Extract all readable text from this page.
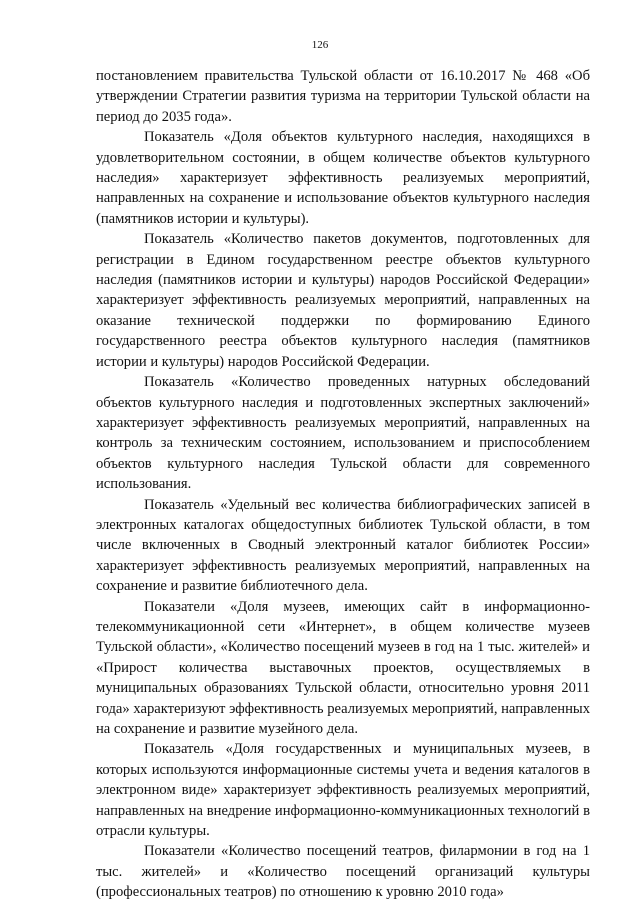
126

постановлением правительства Тульской области от 16.10.2017 № 468 «Об утверждении Стратегии развития туризма на территории Тульской области на период до 2035 года».

Показатель «Доля объектов культурного наследия, находящихся в удовлетворительном состоянии, в общем количестве объектов культурного наследия» характеризует эффективность реализуемых мероприятий, направленных на сохранение и использование объектов культурного наследия (памятников истории и культуры).

Показатель «Количество пакетов документов, подготовленных для регистрации в Едином государственном реестре объектов культурного наследия (памятников истории и культуры) народов Российской Федерации» характеризует эффективность реализуемых мероприятий, направленных на оказание технической поддержки по формированию Единого государственного реестра объектов культурного наследия (памятников истории и культуры) народов Российской Федерации.

Показатель «Количество проведенных натурных обследований объектов культурного наследия и подготовленных экспертных заключений» характеризует эффективность реализуемых мероприятий, направленных на контроль за техническим состоянием, использованием и приспособлением объектов культурного наследия Тульской области для современного использования.

Показатель «Удельный вес количества библиографических записей в электронных каталогах общедоступных библиотек Тульской области, в том числе включенных в Сводный электронный каталог библиотек России» характеризует эффективность реализуемых мероприятий, направленных на сохранение и развитие библиотечного дела.

Показатели «Доля музеев, имеющих сайт в информационно-телекоммуникационной сети «Интернет», в общем количестве музеев Тульской области», «Количество посещений музеев в год на 1 тыс. жителей» и «Прирост количества выставочных проектов, осуществляемых в муниципальных образованиях Тульской области, относительно уровня 2011 года» характеризуют эффективность реализуемых мероприятий, направленных на сохранение и развитие музейного дела.

Показатель «Доля государственных и муниципальных музеев, в которых используются информационные системы учета и ведения каталогов в электронном виде» характеризует эффективность реализуемых мероприятий, направленных на внедрение информационно-коммуникационных технологий в отрасли культуры.

Показатели «Количество посещений театров, филармонии в год на 1 тыс. жителей» и «Количество посещений организаций культуры (профессиональных театров) по отношению к уровню 2010 года»
